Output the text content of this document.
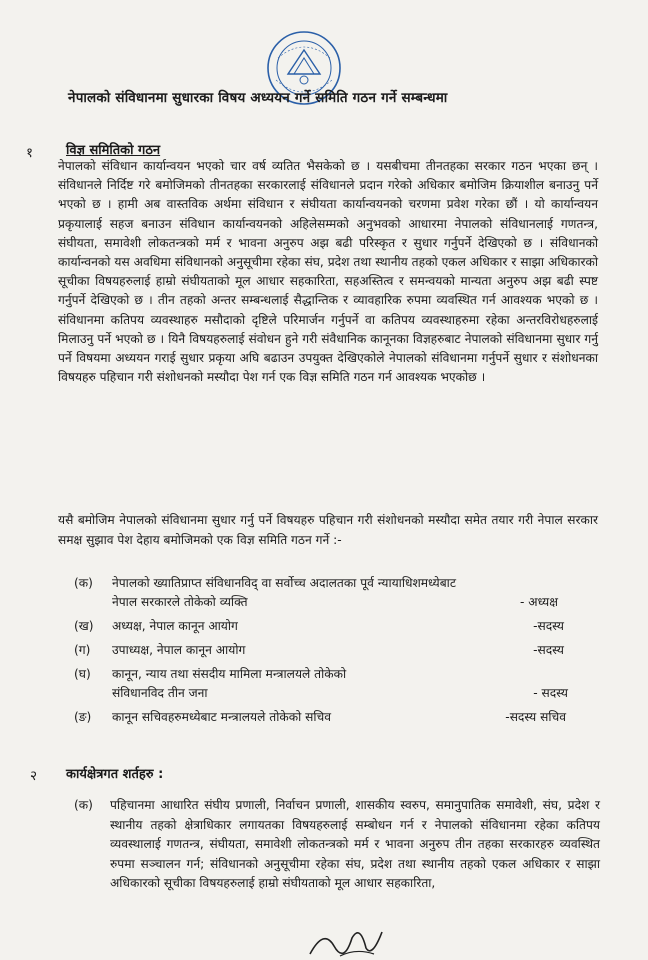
नेपालको संविधानमा सुधारका विषय अध्ययन गर्ने समिति गठन गर्ने सम्बन्धमा
१	विज्ञ समितिको गठन

नेपालको संविधान कार्यान्वयन भएको चार वर्ष व्यतित भैसकेको छ । यसबीचमा तीनतहका सरकार गठन भएका छन् । संविधानले निर्दिष्ट गरे बमोजिमको तीनतहका सरकारलाई संविधानले प्रदान गरेको अधिकार बमोजिम क्रियाशील बनाउनु पर्ने भएको छ । हामी अब वास्तविक अर्थमा संविधान र संघीयता कार्यान्वयनको चरणमा प्रवेश गरेका छौं । यो कार्यान्वयन प्रकृयालाई सहज बनाउन संविधान कार्यान्वयनको अहिलेसम्मको अनुभवको आधारमा नेपालको संविधानलाई गणतन्त्र, संघीयता, समावेशी लोकतन्त्रको मर्म र भावना अनुरुप अझ बढी परिस्कृत र सुधार गर्नुपर्ने देखिएको छ । संविधानको कार्यान्वनको यस अवधिमा संविधानको अनुसूचीमा रहेका संघ, प्रदेश तथा स्थानीय तहको एकल अधिकार र साझा अधिकारको सूचीका विषयहरुलाई हाम्रो संघीयताको मूल आधार सहकारिता, सहअस्तित्व र समन्वयको मान्यता अनुरुप अझ बढी स्पष्ट गर्नुपर्ने देखिएको छ । तीन तहको अन्तर सम्बन्धलाई सैद्धान्तिक र व्यावहारिक रुपमा व्यवस्थित गर्न आवश्यक भएको छ । संविधानमा कतिपय व्यवस्थाहरु मसौदाको दृष्टिले परिमार्जन गर्नुपर्ने वा कतिपय व्यवस्थाहरुमा रहेका अन्तरविरोधहरुलाई मिलाउनु पर्ने भएको छ । यिनै विषयहरुलाई संवोधन हुने गरी संवैधानिक कानूनका विज्ञहरुबाट नेपालको संविधानमा सुधार गर्नु पर्ने विषयमा अध्ययन गराई सुधार प्रकृया अघि बढाउन उपयुक्त देखिएकोले नेपालको संविधानमा गर्नुपर्ने सुधार र संशोधनका विषयहरु पहिचान गरी संशोधनको मस्यौदा पेश गर्न एक विज्ञ समिति गठन गर्न आवश्यक भएकोछ ।

यसै बमोजिम नेपालको संविधानमा सुधार गर्नु पर्ने विषयहरु पहिचान गरी संशोधनको मस्यौदा समेत तयार गरी नेपाल सरकार समक्ष सुझाव पेश देहाय बमोजिमको एक विज्ञ समिति गठन गर्ने :-

(क)	नेपालको ख्यातिप्राप्त संविधानविद् वा सर्वोच्च अदालतका पूर्व न्यायाधिशमध्येबाट
नेपाल सरकारले तोकेको व्यक्ति	- अध्यक्ष
(ख)	अध्यक्ष, नेपाल कानून आयोग	-सदस्य
(ग)	उपाध्यक्ष, नेपाल कानून आयोग	-सदस्य
(घ)	कानून, न्याय तथा संसदीय मामिला मन्त्रालयले तोकेको
संविधानविद तीन जना	- सदस्य
(ङ)	कानून सचिवहरुमध्येबाट मन्त्रालयले तोकेको सचिव	-सदस्य सचिव
२ कार्यक्षेत्रगत शर्तहरु :
(क) पहिचानमा आधारित संघीय प्रणाली, निर्वाचन प्रणाली, शासकीय स्वरुप, समानुपातिक समावेशी, संघ, प्रदेश र स्थानीय तहको क्षेत्राधिकार लगायतका विषयहरुलाई सम्बोधन गर्न र नेपालको संविधानमा रहेका कतिपय व्यवस्थालाई गणतन्त्र, संघीयता, समावेशी लोकतन्त्रको मर्म र भावना अनुरुप तीन तहका सरकारहरु व्यवस्थित रुपमा सञ्चालन गर्न; संविधानको अनुसूचीमा रहेका संघ, प्रदेश तथा स्थानीय तहको एकल अधिकार र साझा अधिकारको सूचीका विषयहरुलाई हाम्रो संघीयताको मूल आधार सहकारिता,
